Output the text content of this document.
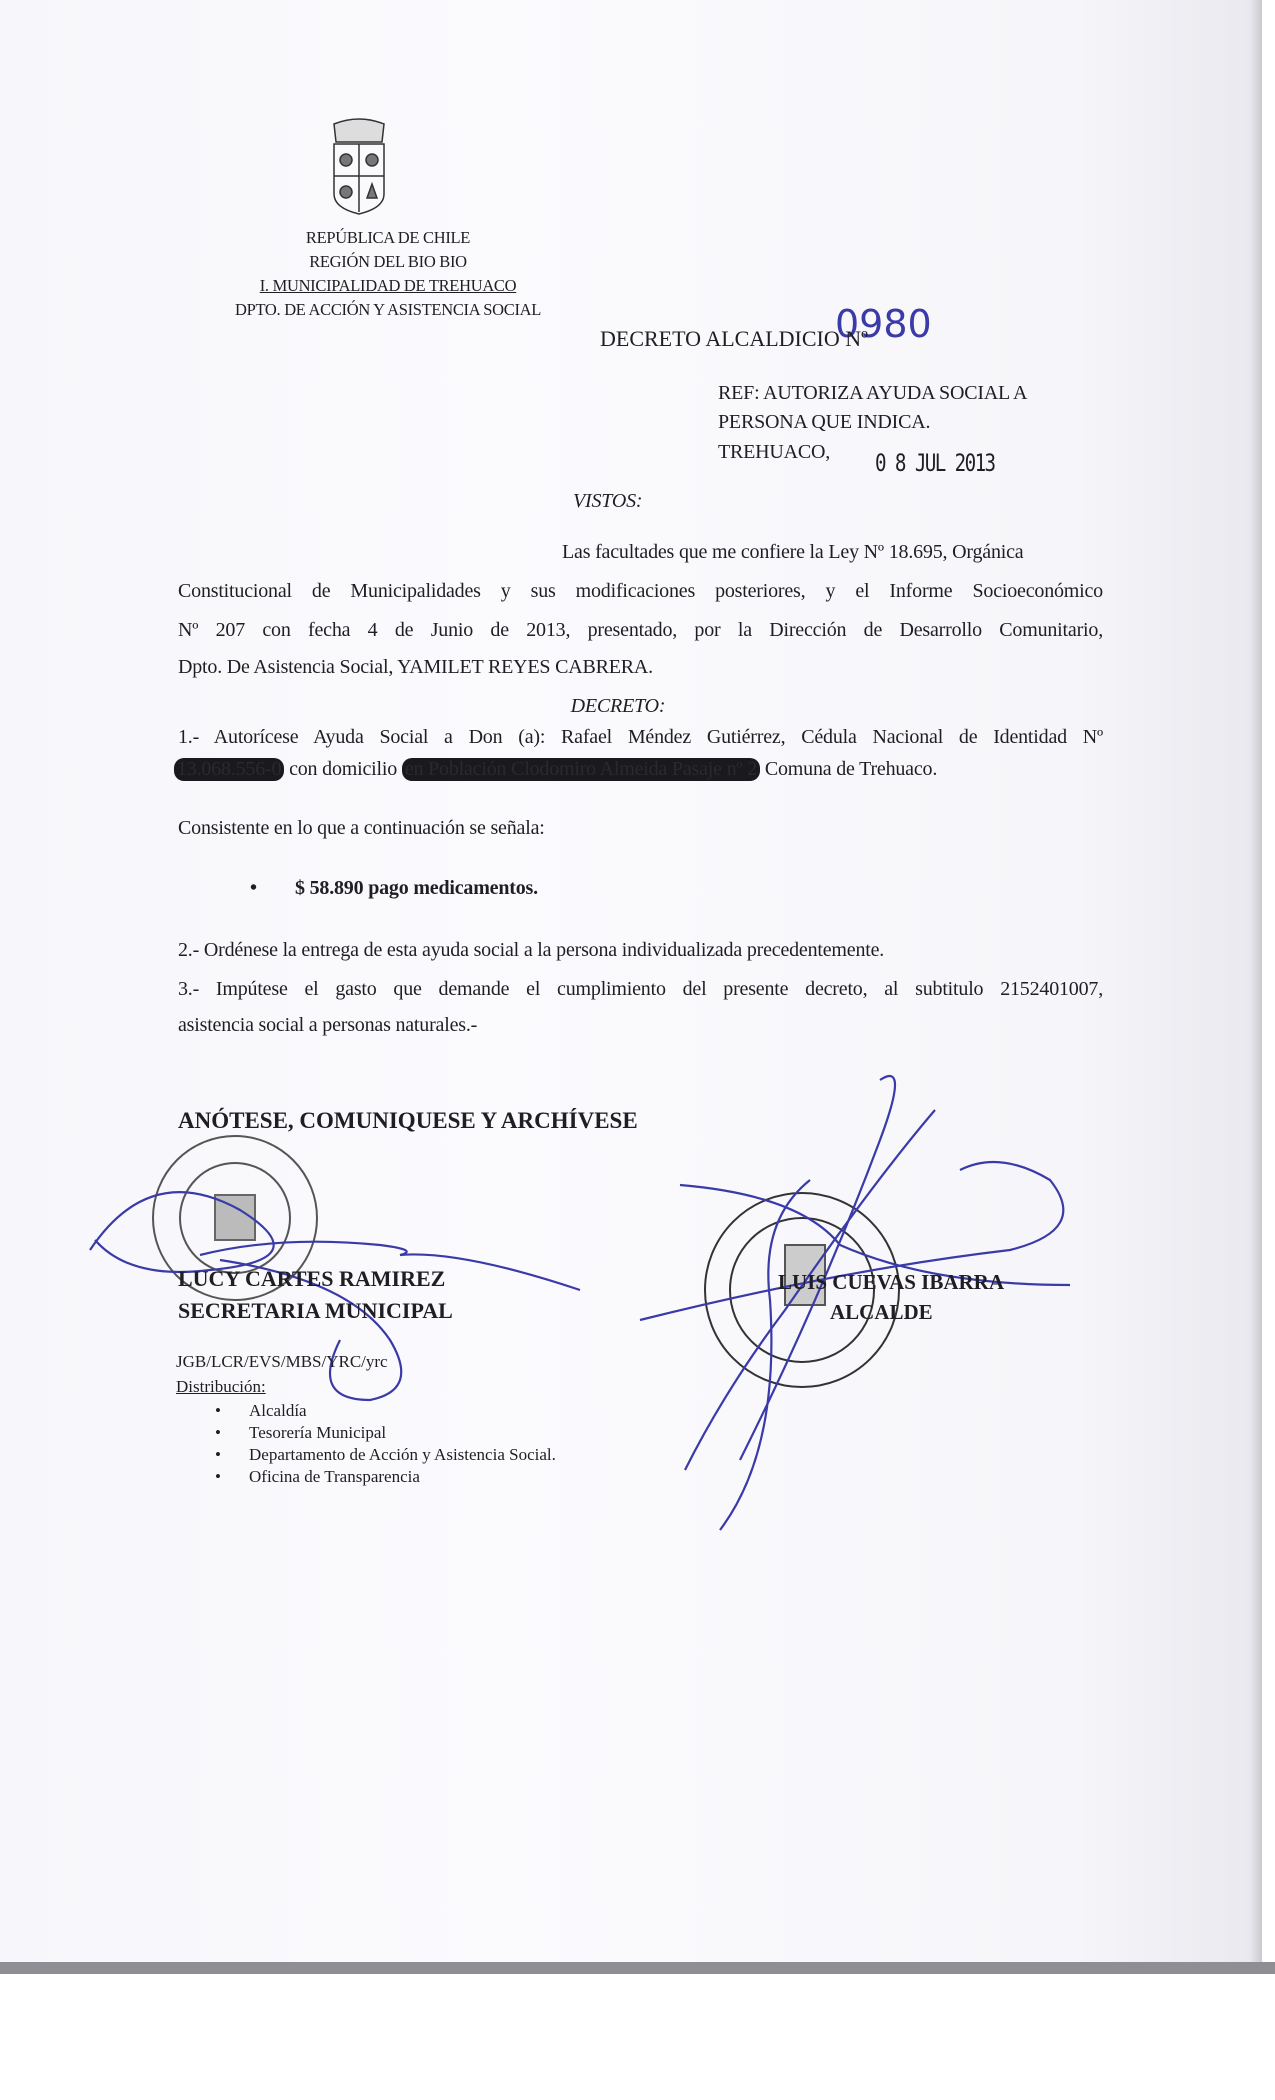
0980
REPÚBLICA DE CHILE
REGIÓN DEL BIO BIO
I. MUNICIPALIDAD DE TREHUACO
DPTO. DE ACCIÓN Y ASISTENCIA SOCIAL
DECRETO ALCALDICIO Nº
REF: AUTORIZA AYUDA SOCIAL A
PERSONA QUE INDICA.
TREHUACO, 0 8 JUL 2013
VISTOS:
Las facultades que me confiere la Ley Nº 18.695, Orgánica
Constitucional de Municipalidades y sus modificaciones posteriores, y el Informe Socioeconómico
Nº 207 con fecha 4 de Junio de 2013, presentado, por la Dirección de Desarrollo Comunitario,
Dpto. De Asistencia Social, YAMILET REYES CABRERA.
DECRETO:
1.- Autorícese Ayuda Social a Don (a): Rafael Méndez Gutiérrez, Cédula Nacional de Identidad Nº
13.068.556-0 con domicilio en Población Clodomiro Almeida Pasaje nº 2 Comuna de Trehuaco.
Consistente en lo que a continuación se señala:
• $ 58.890 pago medicamentos.
2.- Ordénese la entrega de esta ayuda social a la persona individualizada precedentemente.
3.- Impútese el gasto que demande el cumplimiento del presente decreto, al subtitulo 2152401007,
asistencia social a personas naturales.-
ANÓTESE, COMUNIQUESE Y ARCHÍVESE
LUCY CARTES RAMIREZ
SECRETARIA MUNICIPAL
LUIS CUEVAS IBARRA
ALCALDE
JGB/LCR/EVS/MBS/YRC/yrc
Distribución:
• Alcaldía
• Tesorería Municipal
• Departamento de Acción y Asistencia Social.
• Oficina de Transparencia
